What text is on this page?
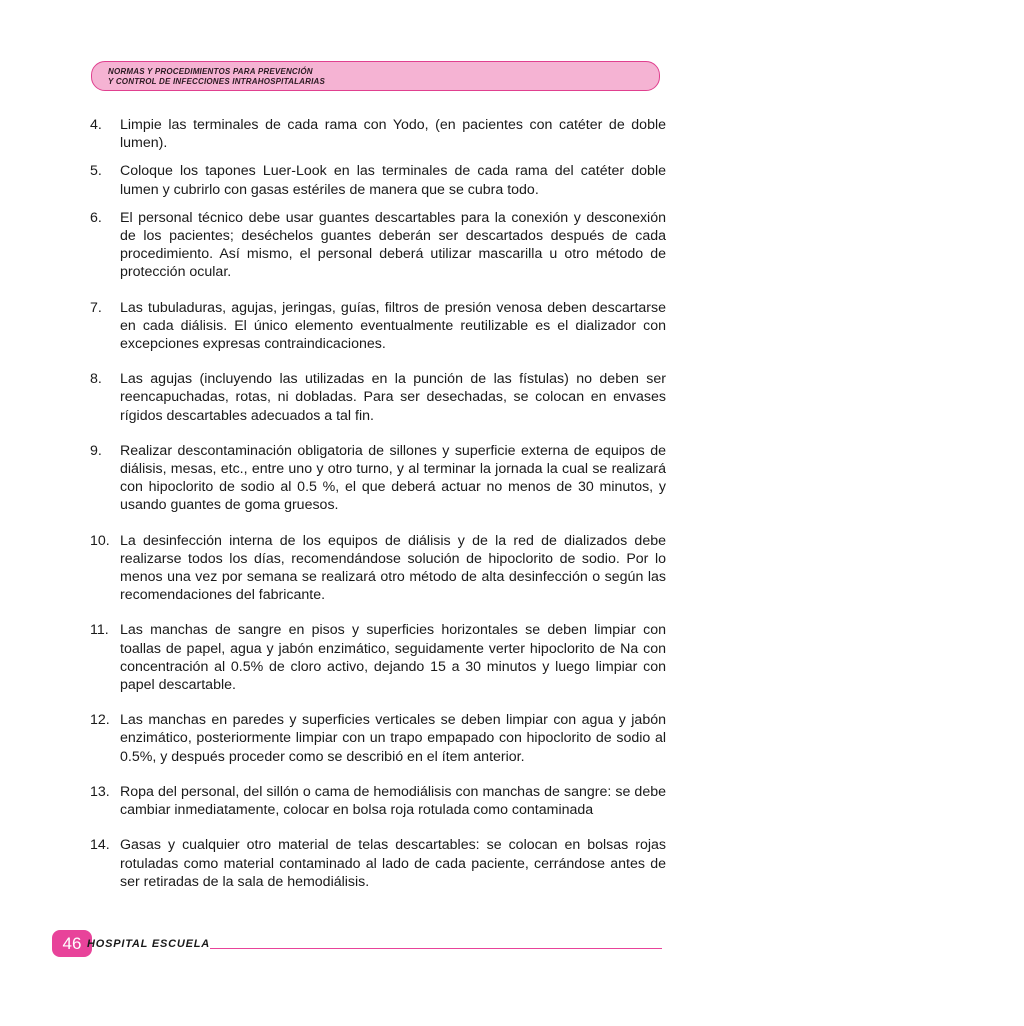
NORMAS Y PROCEDIMIENTOS PARA PREVENCIÓN
Y CONTROL DE INFECCIONES INTRAHOSPITALARIAS
4. Limpie las terminales de cada rama con Yodo, (en pacientes con catéter de doble lumen).
5. Coloque los tapones Luer-Look en las terminales de cada rama del catéter doble lumen y cubrirlo con gasas estériles de manera que se cubra todo.
6. El personal técnico debe usar guantes descartables para la conexión y desconexión de los pacientes; deséchelos guantes deberán ser descartados después de cada procedimiento. Así mismo, el personal deberá utilizar mascarilla u otro método de protección ocular.
7. Las tubuladuras, agujas, jeringas, guías, filtros de presión venosa deben descartarse en cada diálisis. El único elemento eventualmente reutilizable es el dializador con excepciones expresas contraindicaciones.
8. Las agujas (incluyendo las utilizadas en la punción de las fístulas) no deben ser reencapuchadas, rotas, ni dobladas. Para ser desechadas, se colocan en envases rígidos descartables adecuados a tal fin.
9. Realizar descontaminación obligatoria de sillones y superficie externa de equipos de diálisis, mesas, etc., entre uno y otro turno, y al terminar la jornada la cual se realizará con hipoclorito de sodio al 0.5 %, el que deberá actuar no menos de 30 minutos, y usando guantes de goma gruesos.
10. La desinfección interna de los equipos de diálisis y de la red de dializados debe realizarse todos los días, recomendándose solución de hipoclorito de sodio. Por lo menos una vez por semana se realizará otro método de alta desinfección o según las recomendaciones del fabricante.
11. Las manchas de sangre en pisos y superficies horizontales se deben limpiar con toallas de papel, agua y jabón enzimático, seguidamente verter hipoclorito de Na con concentración al 0.5% de cloro activo, dejando 15 a 30 minutos y luego limpiar con papel descartable.
12. Las manchas en paredes y superficies verticales se deben limpiar con agua y jabón enzimático, posteriormente limpiar con un trapo empapado con hipoclorito de sodio al 0.5%, y después proceder como se describió en el ítem anterior.
13. Ropa del personal, del sillón o cama de hemodiálisis con manchas de sangre: se debe cambiar inmediatamente, colocar en bolsa roja rotulada como contaminada
14. Gasas y cualquier otro material de telas descartables: se colocan en bolsas rojas rotuladas como material contaminado al lado de cada paciente, cerrándose antes de ser retiradas de la sala de hemodiálisis.
46 HOSPITAL ESCUELA
